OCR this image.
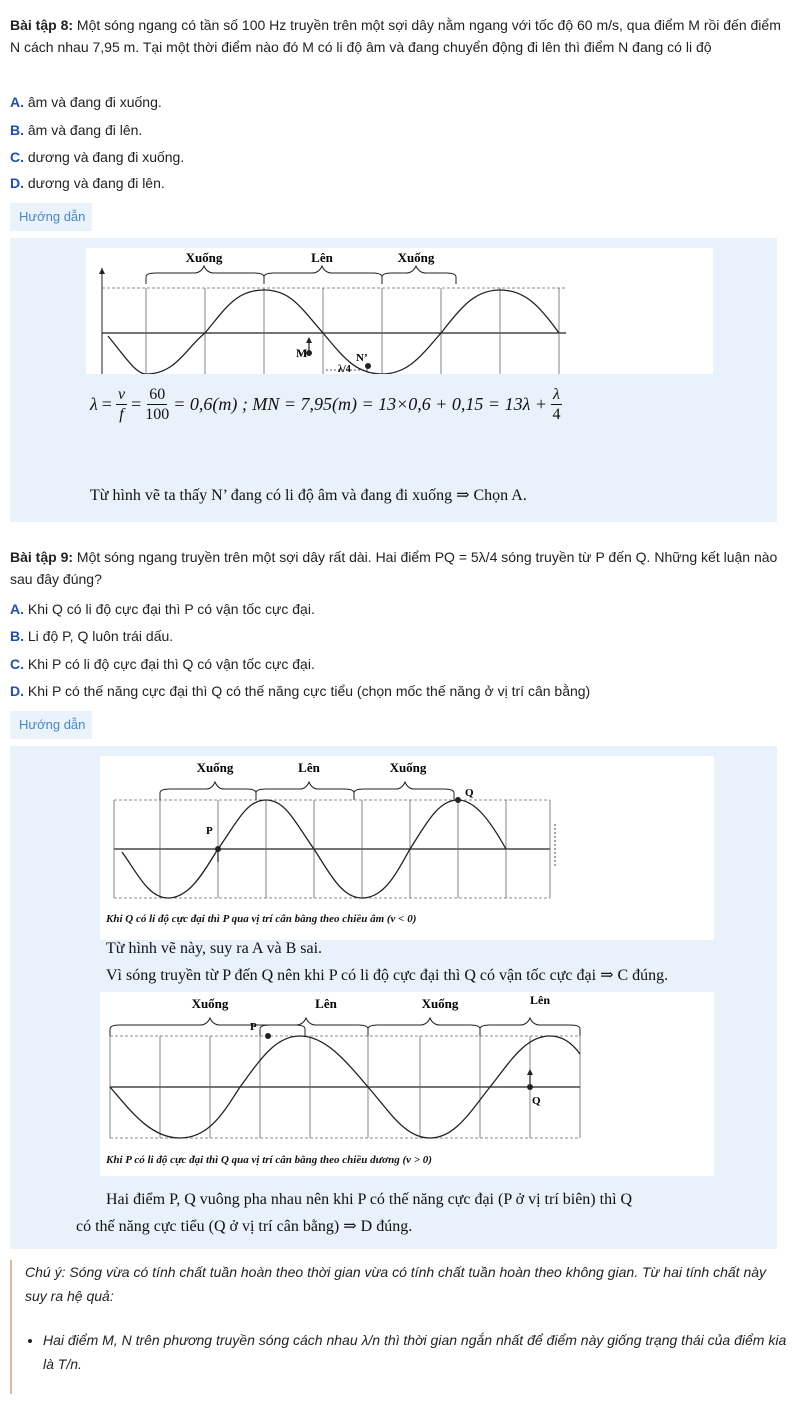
Bài tập 8: Một sóng ngang có tần số 100 Hz truyền trên một sợi dây nằm ngang với tốc độ 60 m/s, qua điểm M rồi đến điểm N cách nhau 7,95 m. Tại một thời điểm nào đó M có li độ âm và đang chuyển động đi lên thì điểm N đang có li độ
A. âm và đang đi xuống.
B. âm và đang đi lên.
C. dương và đang đi xuống.
D. dương và đang đi lên.
Hướng dẫn
Xuống	Lên	Xuống
M	N’
λ/4
$\lambda = \frac{v}{f} = \frac{60}{100} = 0,6(m)$ ; MN = $7,95(m) = 13\times 0,6 + 0,15 = 13\lambda + \frac{\lambda}{4}$
Từ hình vẽ ta thấy N’ đang có li độ âm và đang đi xuống ⇒ Chọn A.
Bài tập 9: Một sóng ngang truyền trên một sợi dây rất dài. Hai điểm PQ = 5λ/4 sóng truyền từ P đến Q. Những kết luận nào sau đây đúng?
A. Khi Q có li độ cực đại thì P có vận tốc cực đại.
B. Li độ P, Q luôn trái dấu.
C. Khi P có li độ cực đại thì Q có vận tốc cực đại.
D. Khi P có thế năng cực đại thì Q có thế năng cực tiểu (chọn mốc thế năng ở vị trí cân bằng)
Hướng dẫn
Xuống	Lên	Xuống
P
Q
Khi Q có li độ cực đại thì P qua vị trí cân bằng theo chiều âm (v < 0)
Từ hình vẽ này, suy ra A và B sai.
Vì sóng truyền từ P đến Q nên khi P có li độ cực đại thì Q có vận tốc cực đại ⇒ C đúng.
Xuống	Lên	Xuống	Lên
P
Q
Khi P có li độ cực đại thì Q qua vị trí cân bằng theo chiều dương (v > 0)
Hai điểm P, Q vuông pha nhau nên khi P có thế năng cực đại (P ở vị trí biên) thì Q
có thế năng cực tiểu (Q ở vị trí cân bằng) ⇒ D đúng.

Chú ý: Sóng vừa có tính chất tuần hoàn theo thời gian vừa có tính chất tuần hoàn theo không gian. Từ hai tính chất này suy ra hệ quả:

• Hai điểm M, N trên phương truyền sóng cách nhau λ/n thì thời gian ngắn nhất để điểm này giống trạng thái của điểm kia là T/n.
